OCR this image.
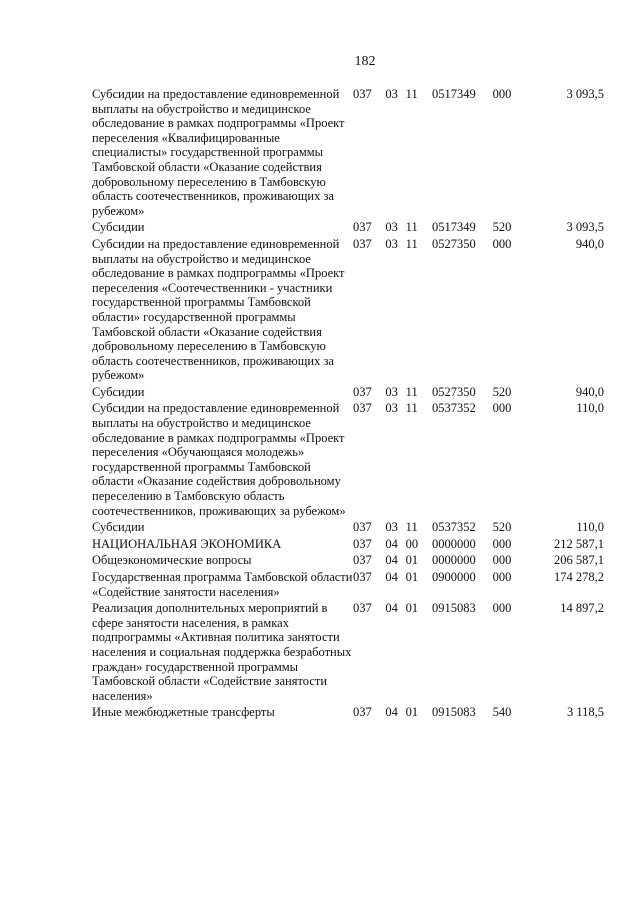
182
Субсидии на предоставление единовременной выплаты на обустройство и медицинское обследование в рамках подпрограммы «Проект переселения «Квалифицированные специалисты» государственной программы Тамбовской области «Оказание содействия добровольному переселению в Тамбовскую область соотечественников, проживающих за рубежом»	037	03	11	0517349	000	3 093,5
Субсидии	037	03	11	0517349	520	3 093,5
Субсидии на предоставление единовременной выплаты на обустройство и медицинское обследование в рамках подпрограммы «Проект переселения «Соотечественники - участники государственной программы Тамбовской области» государственной программы Тамбовской области «Оказание содействия добровольному переселению в Тамбовскую область соотечественников, проживающих за рубежом»	037	03	11	0527350	000	940,0
Субсидии	037	03	11	0527350	520	940,0
Субсидии на предоставление единовременной выплаты на обустройство и медицинское обследование в рамках подпрограммы «Проект переселения «Обучающаяся молодежь» государственной программы Тамбовской области «Оказание содействия добровольному переселению в Тамбовскую область соотечественников, проживающих за рубежом»	037	03	11	0537352	000	110,0
Субсидии	037	03	11	0537352	520	110,0
НАЦИОНАЛЬНАЯ ЭКОНОМИКА	037	04	00	0000000	000	212 587,1
Общеэкономические вопросы	037	04	01	0000000	000	206 587,1
Государственная программа Тамбовской области «Содействие занятости населения»	037	04	01	0900000	000	174 278,2
Реализация дополнительных мероприятий в сфере занятости населения, в рамках подпрограммы «Активная политика занятости населения и социальная поддержка безработных граждан» государственной программы Тамбовской области «Содействие занятости населения»	037	04	01	0915083	000	14 897,2
Иные межбюджетные трансферты	037	04	01	0915083	540	3 118,5
